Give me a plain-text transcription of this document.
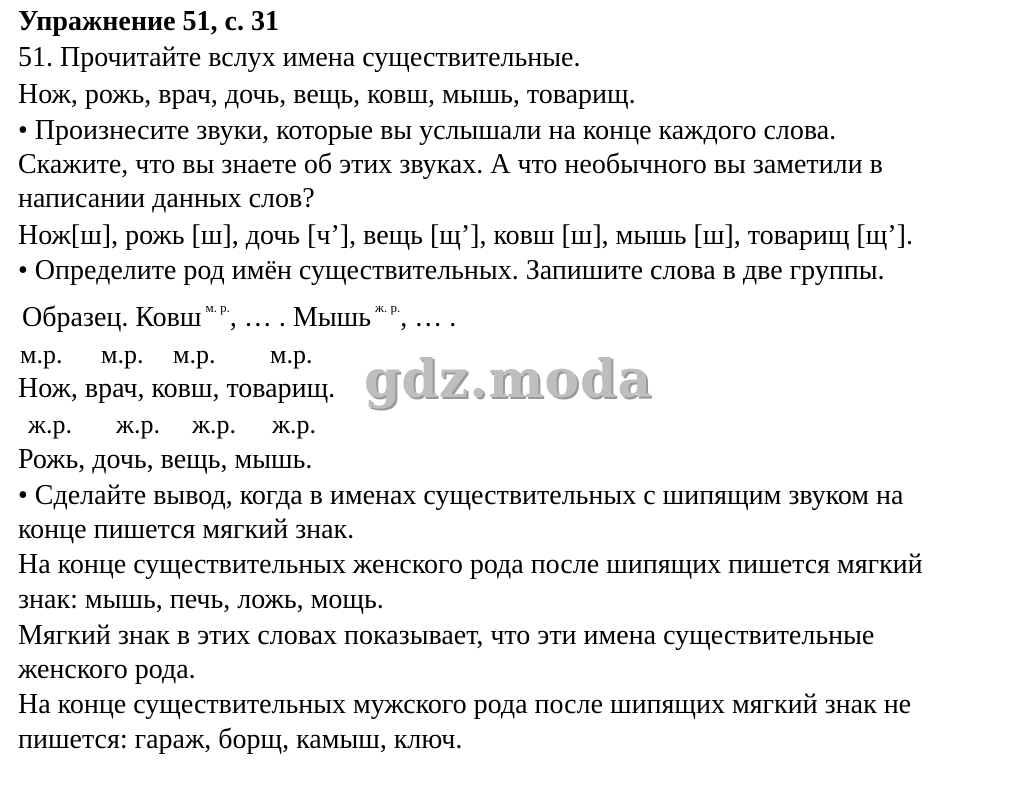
Упражнение 51, с. 31
51. Прочитайте вслух имена существительные.
Нож, рожь, врач, дочь, вещь, ковш, мышь, товарищ.
• Произнесите звуки, которые вы услышали на конце каждого слова.
Скажите, что вы знаете об этих звуках. А что необычного вы заметили в
написании данных слов?
Нож[ш], рожь [ш], дочь [ч’], вещь [щ’], ковш [ш], мышь [ш], товарищ [щ’].
• Определите род имён существительных. Запишите слова в две группы.
Образец. Ковш $^{м. р.}$, … . Мышь $^{ж. р.}$, … .
м.р. м.р. м.р. м.р.
Нож, врач, ковш, товарищ.
ж.р. ж.р. ж.р. ж.р.
Рожь, дочь, вещь, мышь.
• Сделайте вывод, когда в именах существительных с шипящим звуком на
конце пишется мягкий знак.
На конце существительных женского рода после шипящих пишется мягкий
знак: мышь, печь, ложь, мощь.
Мягкий знак в этих словах показывает, что эти имена существительные
женского рода.
На конце существительных мужского рода после шипящих мягкий знак не
пишется: гараж, борщ, камыш, ключ.
gdz.moda
